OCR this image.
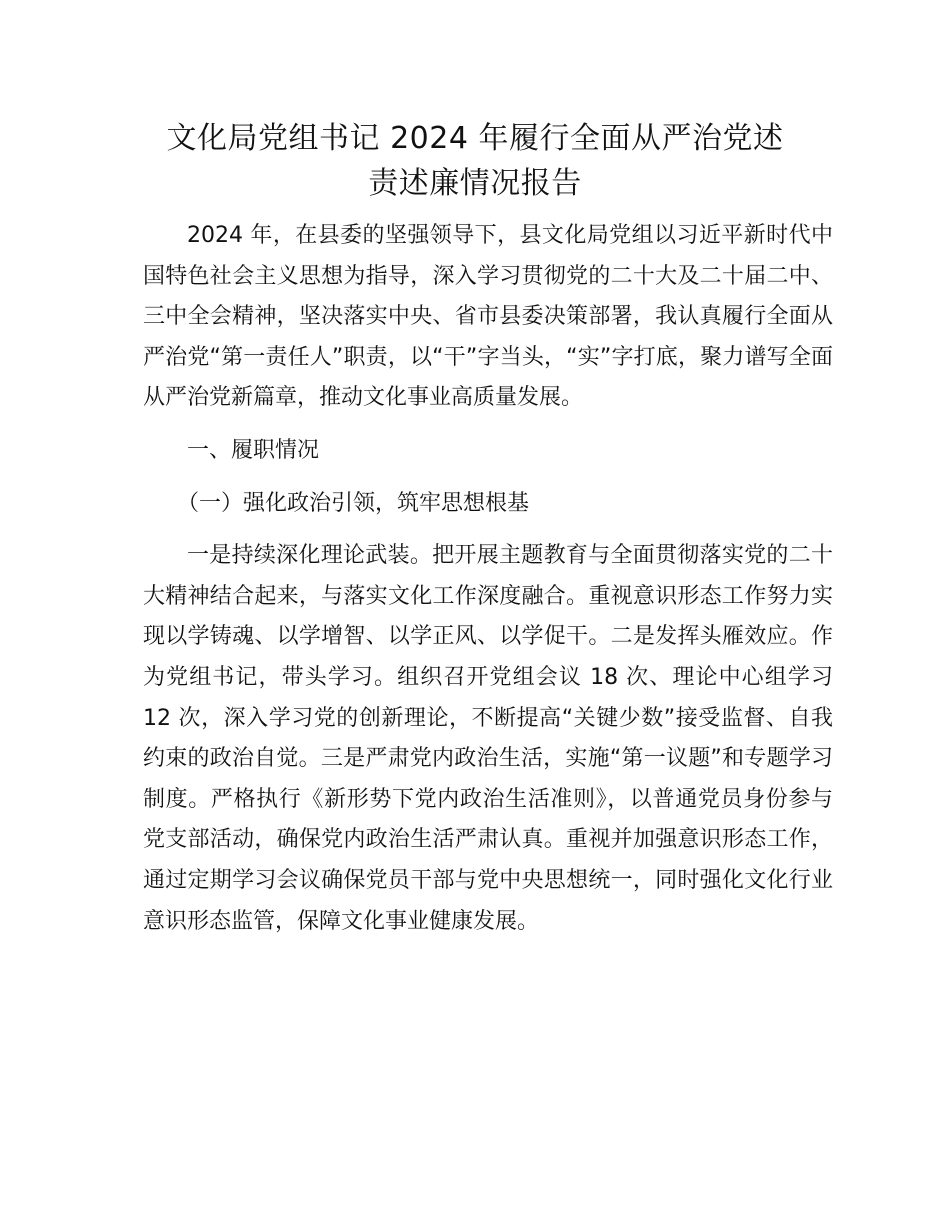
文化局党组书记 2024 年履行全面从严治党述
责述廉情况报告

2024 年，在县委的坚强领导下，县文化局党组以习近平新时代中国特色社会主义思想为指导，深入学习贯彻党的二十大及二十届二中、三中全会精神，坚决落实中央、省市县委决策部署，我认真履行全面从严治党“第一责任人”职责，以“干”字当头，“实”字打底，聚力谱写全面从严治党新篇章，推动文化事业高质量发展。

一、履职情况

（一）强化政治引领，筑牢思想根基

一是持续深化理论武装。把开展主题教育与全面贯彻落实党的二十大精神结合起来，与落实文化工作深度融合。重视意识形态工作努力实现以学铸魂、以学增智、以学正风、以学促干。二是发挥头雁效应。作为党组书记，带头学习。组织召开党组会议 18 次、理论中心组学习 12 次，深入学习党的创新理论，不断提高“关键少数”接受监督、自我约束的政治自觉。三是严肃党内政治生活，实施“第一议题”和专题学习制度。严格执行《新形势下党内政治生活准则》，以普通党员身份参与党支部活动，确保党内政治生活严肃认真。重视并加强意识形态工作，通过定期学习会议确保党员干部与党中央思想统一，同时强化文化行业意识形态监管，保障文化事业健康发展。
